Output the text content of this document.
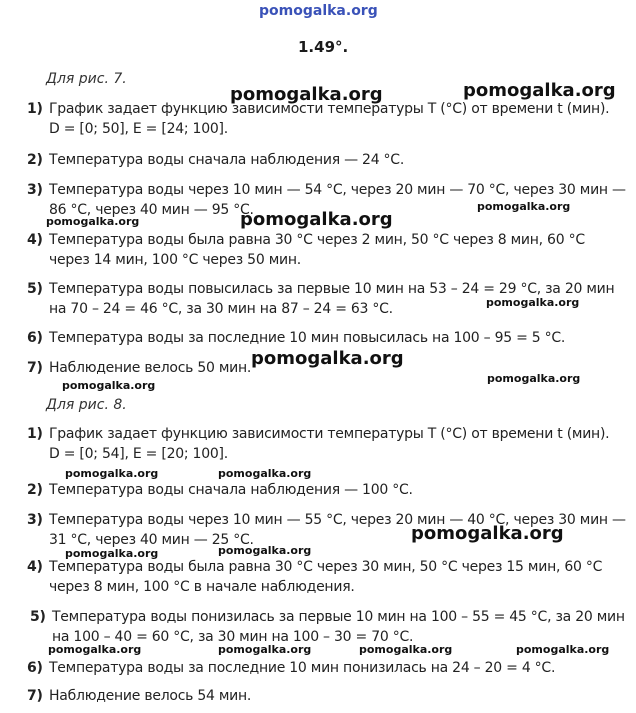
pomogalka.org
1.49°.
Для рис. 7.
1) График задает функцию зависимости температуры T (°C) от времени t (мин).
D = [0; 50], E = [24; 100].
2) Температура воды сначала наблюдения — 24 °C.
3) Температура воды через 10 мин — 54 °C, через 20 мин — 70 °C, через 30 мин —
86 °C, через 40 мин — 95 °C.
4) Температура воды была равна 30 °C через 2 мин, 50 °C через 8 мин, 60 °C
через 14 мин, 100 °C через 50 мин.
5) Температура воды повысилась за первые 10 мин на 53 – 24 = 29 °C, за 20 мин
на 70 – 24 = 46 °C, за 30 мин на 87 – 24 = 63 °C.
6) Температура воды за последние 10 мин повысилась на 100 – 95 = 5 °C.
7) Наблюдение велось 50 мин.
Для рис. 8.
1) График задает функцию зависимости температуры T (°C) от времени t (мин).
D = [0; 54], E = [20; 100].
2) Температура воды сначала наблюдения — 100 °C.
3) Температура воды через 10 мин — 55 °C, через 20 мин — 40 °C, через 30 мин —
31 °C, через 40 мин — 25 °C.
4) Температура воды была равна 30 °C через 30 мин, 50 °C через 15 мин, 60 °C
через 8 мин, 100 °C в начале наблюдения.
5) Температура воды понизилась за первые 10 мин на 100 – 55 = 45 °C, за 20 мин
на 100 – 40 = 60 °C, за 30 мин на 100 – 30 = 70 °C.
6) Температура воды за последние 10 мин понизилась на 24 – 20 = 4 °C.
7) Наблюдение велось 54 мин.
pomogalka.org	pomogalka.org
pomogalka.org	pomogalka.org
pomogalka.org
pomogalka.org
pomogalka.org
pomogalka.org
pomogalka.org
pomogalka.org	pomogalka.org
pomogalka.org	pomogalka.org
pomogalka.org
pomogalka.org	pomogalka.org	pomogalka.org	pomogalka.org
